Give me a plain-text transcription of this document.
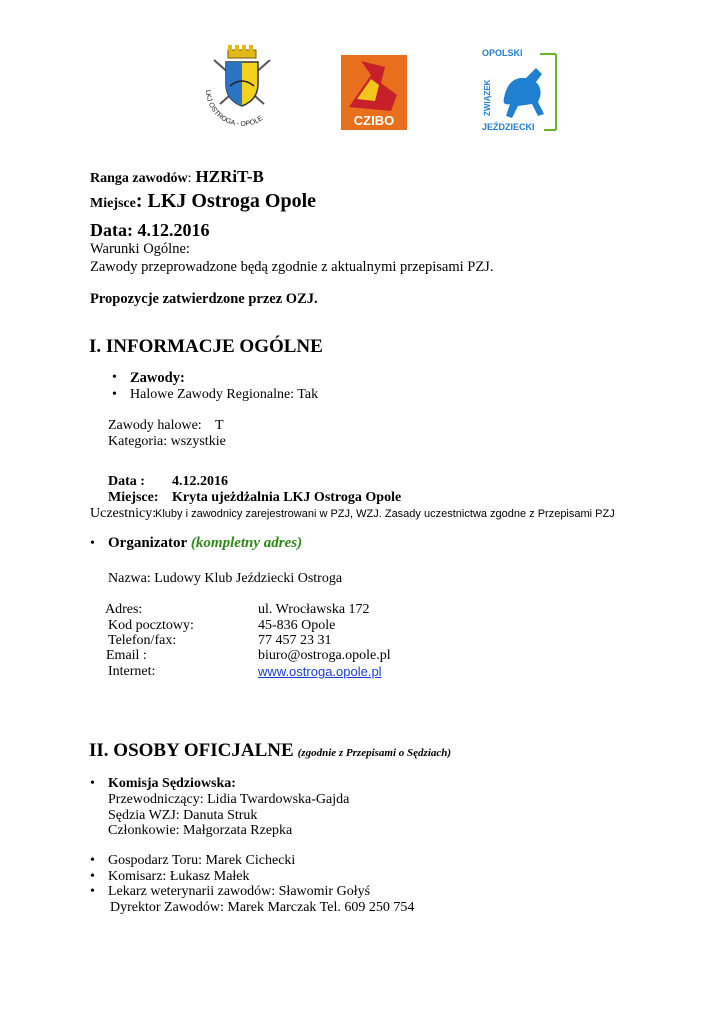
LKJ OSTROGA - OPOLE	CZIBO
OPOLSKI
ZWIĄZEK
JEŹDZIECKI
Ranga zawodów: HZRiT-B
Miejsce: LKJ Ostroga Opole
Data: 4.12.2016
Warunki Ogólne:
Zawody przeprowadzone będą zgodnie z aktualnymi przepisami PZJ.
Propozycje zatwierdzone przez OZJ.
I. INFORMACJE OGÓLNE
• Zawody:
• Halowe Zawody Regionalne: Tak
Zawody halowe: T
Kategoria: wszystkie
Data : 4.12.2016
Miejsce: Kryta ujeżdżalnia LKJ Ostroga Opole
Uczestnicy:
Kluby i zawodnicy zarejestrowani w PZJ, WZJ. Zasady uczestnictwa zgodne z Przepisami PZJ
• Organizator (kompletny adres)
Nazwa: Ludowy Klub Jeździecki Ostroga
Adres:	ul. Wrocławska 172
Kod pocztowy:	45-836 Opole
Telefon/fax:	77 457 23 31
Email :	biuro@ostroga.opole.pl
Internet:	www.ostroga.opole.pl
II. OSOBY OFICJALNE (zgodnie z Przepisami o Sędziach)
• Komisja Sędziowska:
Przewodniczący: Lidia Twardowska-Gajda
Sędzia WZJ: Danuta Struk
Członkowie: Małgorzata Rzepka
• Gospodarz Toru: Marek Cichecki
• Komisarz: Łukasz Małek
• Lekarz weterynarii zawodów: Sławomir Gołyś
Dyrektor Zawodów: Marek Marczak Tel. 609 250 754
